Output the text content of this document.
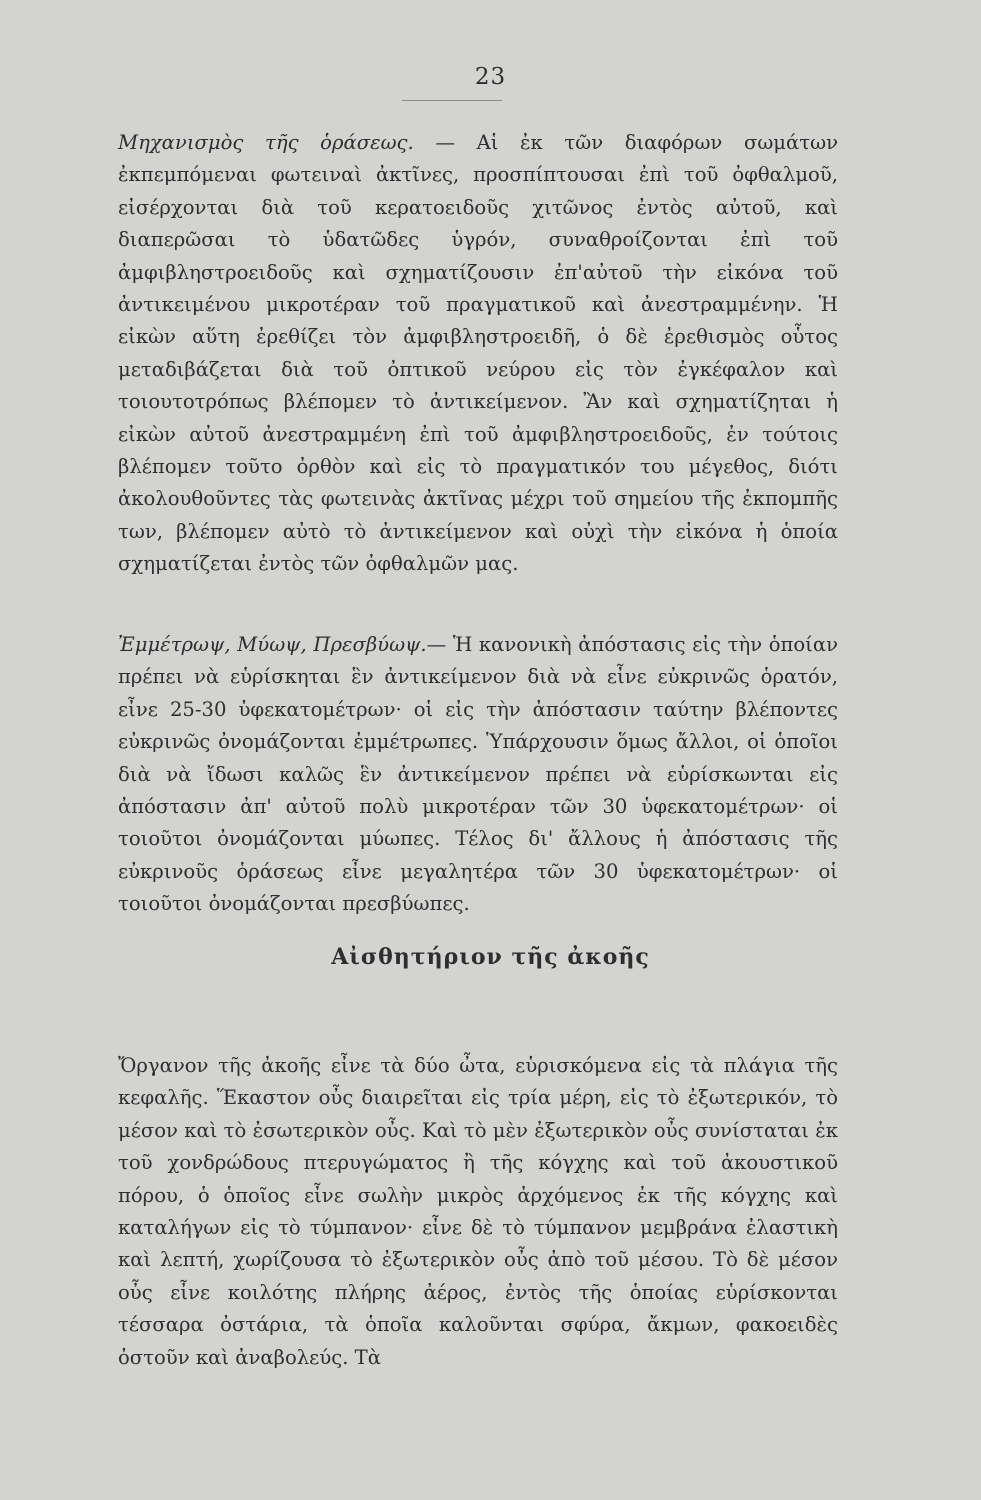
23

Μηχανισμὸς τῆς ὁράσεως. — Αἱ ἐκ τῶν διαφόρων σωμάτων ἐκπεμπόμεναι φωτειναὶ ἀκτῖνες, προσπίπτουσαι ἐπὶ τοῦ ὀφθαλμοῦ, εἰσέρχονται διὰ τοῦ κερατοειδοῦς χιτῶνος ἐντὸς αὐτοῦ, καὶ διαπερῶσαι τὸ ὑδατῶδες ὑγρόν, συναθροίζονται ἐπὶ τοῦ ἀμφιβληστροειδοῦς καὶ σχηματίζουσιν ἐπ'αὐτοῦ τὴν εἰκόνα τοῦ ἀντικειμένου μικροτέραν τοῦ πραγματικοῦ καὶ ἀνεστραμμένην. Ἡ εἰκὼν αὕτη ἐρεθίζει τὸν ἀμφιβληστροειδῆ, ὁ δὲ ἐρεθισμὸς οὗτος μεταδιβάζεται διὰ τοῦ ὀπτικοῦ νεύρου εἰς τὸν ἐγκέφαλον καὶ τοιουτοτρόπως βλέπομεν τὸ ἀντικείμενον. Ἂν καὶ σχηματίζηται ἡ εἰκὼν αὐτοῦ ἀνεστραμμένη ἐπὶ τοῦ ἀμφιβληστροειδοῦς, ἐν τούτοις βλέπομεν τοῦτο ὀρθὸν καὶ εἰς τὸ πραγματικόν του μέγεθος, διότι ἀκολουθοῦντες τὰς φωτεινὰς ἀκτῖνας μέχρι τοῦ σημείου τῆς ἐκπομπῆς των, βλέπομεν αὐτὸ τὸ ἀντικείμενον καὶ οὐχὶ τὴν εἰκόνα ἡ ὁποία σχηματίζεται ἐντὸς τῶν ὀφθαλμῶν μας.

Ἐμμέτρωψ, Μύωψ, Πρεσβύωψ.— Ἡ κανονικὴ ἀπόστασις εἰς τὴν ὁποίαν πρέπει νὰ εὑρίσκηται ἓν ἀντικείμενον διὰ νὰ εἶνε εὐκρινῶς ὁρατόν, εἶνε 25-30 ὑφεκατομέτρων· οἱ εἰς τὴν ἀπόστασιν ταύτην βλέποντες εὐκρινῶς ὀνομάζονται ἐμμέτρωπες. Ὑπάρχουσιν ὅμως ἄλλοι, οἱ ὁποῖοι διὰ νὰ ἴδωσι καλῶς ἓν ἀντικείμενον πρέπει νὰ εὑρίσκωνται εἰς ἀπόστασιν ἀπ' αὐτοῦ πολὺ μικροτέραν τῶν 30 ὑφεκατομέτρων· οἱ τοιοῦτοι ὀνομάζονται μύωπες. Τέλος δι' ἄλλους ἡ ἀπόστασις τῆς εὐκρινοῦς ὁράσεως εἶνε μεγαλητέρα τῶν 30 ὑφεκατομέτρων· οἱ τοιοῦτοι ὀνομάζονται πρεσβύωπες.

Αἰσθητήριον τῆς ἀκοῆς

Ὄργανον τῆς ἀκοῆς εἶνε τὰ δύο ὦτα, εὑρισκόμενα εἰς τὰ πλάγια τῆς κεφαλῆς. Ἕκαστον οὖς διαιρεῖται εἰς τρία μέρη, εἰς τὸ ἐξωτερικόν, τὸ μέσον καὶ τὸ ἐσωτερικὸν οὖς. Καὶ τὸ μὲν ἐξωτερικὸν οὖς συνίσταται ἐκ τοῦ χονδρώδους πτερυγώματος ἢ τῆς κόγχης καὶ τοῦ ἀκουστικοῦ πόρου, ὁ ὁποῖος εἶνε σωλὴν μικρὸς ἀρχόμενος ἐκ τῆς κόγχης καὶ καταλήγων εἰς τὸ τύμπανον· εἶνε δὲ τὸ τύμπανον μεμβράνα ἐλαστικὴ καὶ λεπτή, χωρίζουσα τὸ ἐξωτερικὸν οὖς ἀπὸ τοῦ μέσου. Τὸ δὲ μέσον οὖς εἶνε κοιλότης πλήρης ἀέρος, ἐντὸς τῆς ὁποίας εὑρίσκονται τέσσαρα ὀστάρια, τὰ ὁποῖα καλοῦνται σφύρα, ἄκμων, φακοειδὲς ὀστοῦν καὶ ἀναβολεύς. Τὰ
